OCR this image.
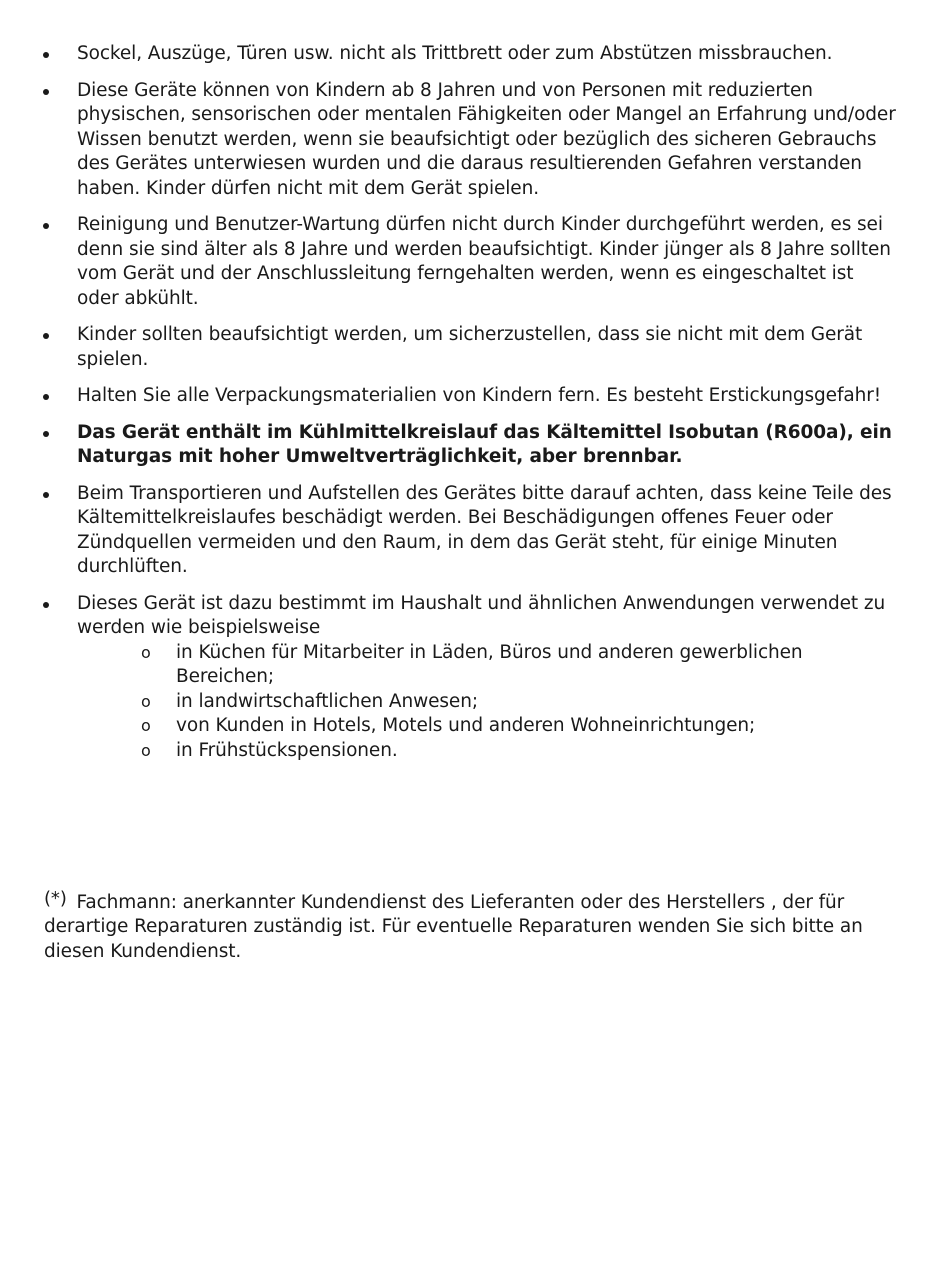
Sockel, Auszüge, Türen usw. nicht als Trittbrett oder zum Abstützen missbrauchen.
Diese Geräte können von Kindern ab 8 Jahren und von Personen mit reduzierten physischen, sensorischen oder mentalen Fähigkeiten oder Mangel an Erfahrung und/oder Wissen benutzt werden, wenn sie beaufsichtigt oder bezüglich des sicheren Gebrauchs des Gerätes unterwiesen wurden und die daraus resultierenden Gefahren verstanden haben. Kinder dürfen nicht mit dem Gerät spielen.
Reinigung und Benutzer-Wartung dürfen nicht durch Kinder durchgeführt werden, es sei denn sie sind älter als 8 Jahre und werden beaufsichtigt. Kinder jünger als 8 Jahre sollten vom Gerät und der Anschlussleitung ferngehalten werden, wenn es eingeschaltet ist oder abkühlt.
Kinder sollten beaufsichtigt werden, um sicherzustellen, dass sie nicht mit dem Gerät spielen.
Halten Sie alle Verpackungsmaterialien von Kindern fern. Es besteht Erstickungsgefahr!
Das Gerät enthält im Kühlmittelkreislauf das Kältemittel Isobutan (R600a), ein Naturgas mit hoher Umweltverträglichkeit, aber brennbar.
Beim Transportieren und Aufstellen des Gerätes bitte darauf achten, dass keine Teile des Kältemittelkreislaufes beschädigt werden. Bei Beschädigungen offenes Feuer oder Zündquellen vermeiden und den Raum, in dem das Gerät steht, für einige Minuten durchlüften.
Dieses Gerät ist dazu bestimmt im Haushalt und ähnlichen Anwendungen verwendet zu werden wie beispielsweise
o in Küchen für Mitarbeiter in Läden, Büros und anderen gewerblichen Bereichen;
o in landwirtschaftlichen Anwesen;
o von Kunden in Hotels, Motels und anderen Wohneinrichtungen;
o in Frühstückspensionen.

(*) Fachmann: anerkannter Kundendienst des Lieferanten oder des Herstellers , der für derartige Reparaturen zuständig ist. Für eventuelle Reparaturen wenden Sie sich bitte an diesen Kundendienst.
